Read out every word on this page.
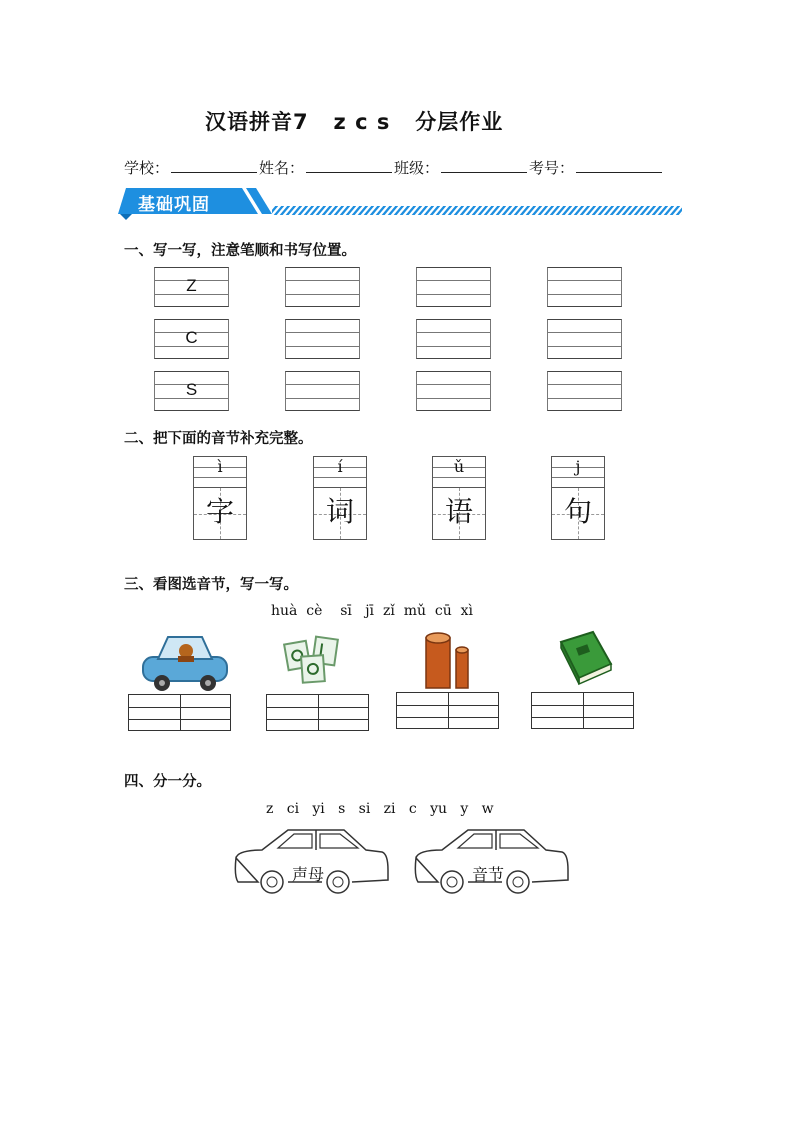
汉语拼音7   z c s   分层作业
学校：	姓名：	班级：	考号：
基础巩固
一、写一写，注意笔顺和书写位置。
Z
C
S
二、把下面的音节补充完整。
ì
字
í
词
ǔ
语
j
句
三、看图选音节，写一写。
huà  cè    sī   jī  zǐ  mǔ  cū  xì
四、分一分。
z   ci   yi   s   si   zi   c   yu   y   w
声母	音节
